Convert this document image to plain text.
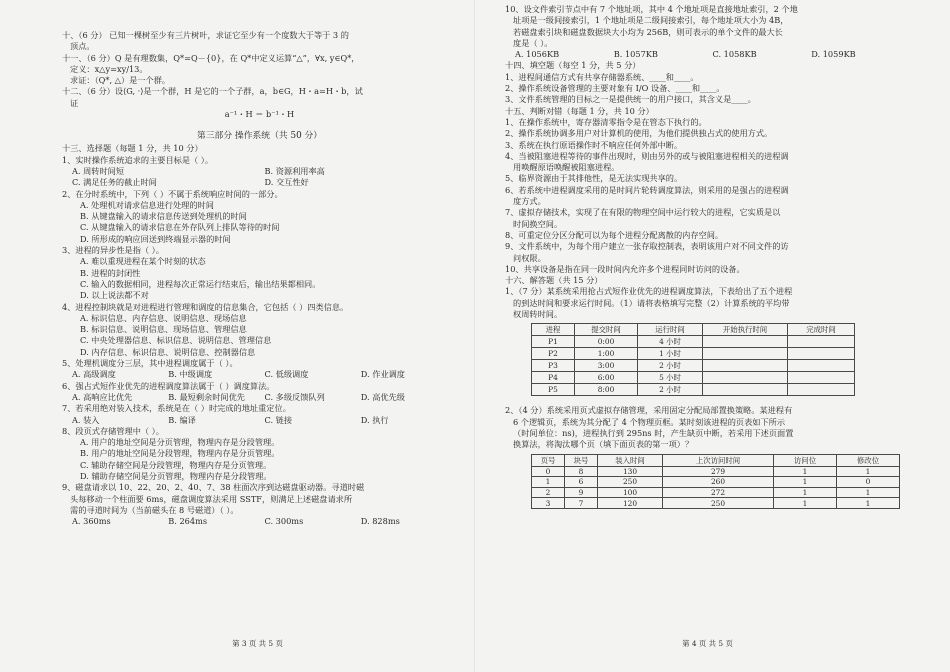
十、（6 分） 已知一棵树至少有三片树叶，求证它至少有一个度数大于等于 3 的
顶点。
十一、（6 分）Q 是有理数集，Q*=Q－{0}，在 Q*中定义运算“△”，∀x, y∈Q*，
定义：x△y=xy/13。
求证：（Q*, △）是一个群。
十二、（6 分）设⟨G, ·⟩是一个群，H 是它的一个子群，a，b∈G，H・a=H・b，试
证
a⁻¹・H ＝ b⁻¹・H
第三部分 操作系统（共 50 分）
十三、选择题（每题 1 分，共 10 分）
1、实时操作系统追求的主要目标是（ ）。
A. 周转时间短	B. 资源利用率高
C. 满足任务的截止时间	D. 交互性好
2、在分时系统中，下列（ ）不属于系统响应时间的一部分。
A. 处理机对请求信息进行处理的时间
B. 从键盘输入的请求信息传送到处理机的时间
C. 从键盘输入的请求信息在外存队列上排队等待的时间
D. 所形成的响应回送到终端显示器的时间
3、进程的异步性是指（ ）。
A. 难以重现进程在某个时刻的状态
B. 进程的封闭性
C. 输入的数据相同，进程每次正常运行结束后，输出结果都相同。
D. 以上说法都不对
4、进程控制块就是对进程进行管理和调度的信息集合，它包括（ ）四类信息。
A. 标识信息、内存信息、说明信息、现场信息
B. 标识信息、说明信息、现场信息、管理信息
C. 中央处理器信息、标识信息、说明信息、管理信息
D. 内存信息、标识信息、说明信息、控制器信息
5、处理机调度分三层，其中进程调度属于（ ）。
A. 高级调度	B. 中级调度	C. 低级调度	D. 作业调度
6、强占式短作业优先的进程调度算法属于（ ）调度算法。
A. 高响应比优先	B. 最短剩余时间优先	C. 多级反馈队列	D. 高优先级
7、若采用绝对装入技术，系统是在（ ）时完成的地址重定位。
A. 装入	B. 编译	C. 链接	D. 执行
8、段页式存储管理中（ ）。
A. 用户的地址空间是分页管理，物理内存是分段管理。
B. 用户的地址空间是分段管理，物理内存是分页管理。
C. 辅助存储空间是分段管理，物理内存是分页管理。
D. 辅助存储空间是分页管理，物理内存是分段管理。
9、磁盘请求以 10、22、20、2、40、7、38 柱面次序到达磁盘驱动器。寻道时磁
头每移动一个柱面要 6ms，磁盘调度算法采用 SSTF，则满足上述磁盘请求所
需的寻道时间为（当前磁头在 8 号磁道）（ ）。
A. 360ms	B. 264ms	C. 300ms	D. 828ms
第 3 页 共 5 页
10、设文件索引节点中有 7 个地址项，其中 4 个地址项是直接地址索引，2 个地
址项是一级间接索引，1 个地址项是二级间接索引，每个地址项大小为 4B，
若磁盘索引块和磁盘数据块大小均为 256B，则可表示的单个文件的最大长
度是（ ）。
A. 1056KB	B. 1057KB	C. 1058KB	D. 1059KB
十四、填空题（每空 1 分，共 5 分）
1、进程间通信方式有共享存储器系统、____和____。
2、操作系统设备管理的主要对象有 I/O 设备、____和____。
3、文件系统管理的目标之一是提供统一的用户接口，其含义是____。
十五、判断对错（每题 1 分，共 10 分）
1、在操作系统中，寄存器清零指令是在管态下执行的。
2、操作系统协调多用户对计算机的使用，为他们提供独占式的使用方式。
3、系统在执行原语操作时不响应任何外部中断。
4、当被阻塞进程等待的事件出现时，则由另外的或与被阻塞进程相关的进程调
用唤醒原语唤醒被阻塞进程。
5、临界资源由于其排他性，是无法实现共享的。
6、若系统中进程调度采用的是时间片轮转调度算法，则采用的是强占的进程调
度方式。
7、虚拟存储技术，实现了在有限的物理空间中运行较大的进程，它实质是以
时间换空间。
8、可重定位分区分配可以为每个进程分配离散的内存空间。
9、文件系统中，为每个用户建立一张存取控制表，表明该用户对不同文件的访
问权限。
10、共享设备是指在同一段时间内允许多个进程同时访问的设备。
十六、解答题（共 15 分）
1、（7 分）某系统采用抢占式短作业优先的进程调度算法，下表给出了五个进程
的到达时间和要求运行时间。（1）请将表格填写完整（2）计算系统的平均带
权周转时间。
进程	提交时间	运行时间	开始执行时间	完成时间
P1	0:00	4 小时		
P2	1:00	1 小时		
P3	3:00	2 小时		
P4	6:00	5 小时		
P5	8:00	2 小时		
2、（4 分）系统采用页式虚拟存储管理，采用固定分配局部置换策略。某进程有
6 个逻辑页，系统为其分配了 4 个物理页框。某时刻该进程的页表如下所示
（时间单位：ns)，进程执行到 295ns 时，产生缺页中断，若采用下述页面置
换算法，将淘汰哪个页（填下面页表的第一项）？
页号	块号	装入时间	上次访问时间	访问位	修改位
0	8	130	279	1	1
1	6	250	260	1	0
2	9	100	272	1	1
3	7	120	250	1	1
第 4 页 共 5 页
